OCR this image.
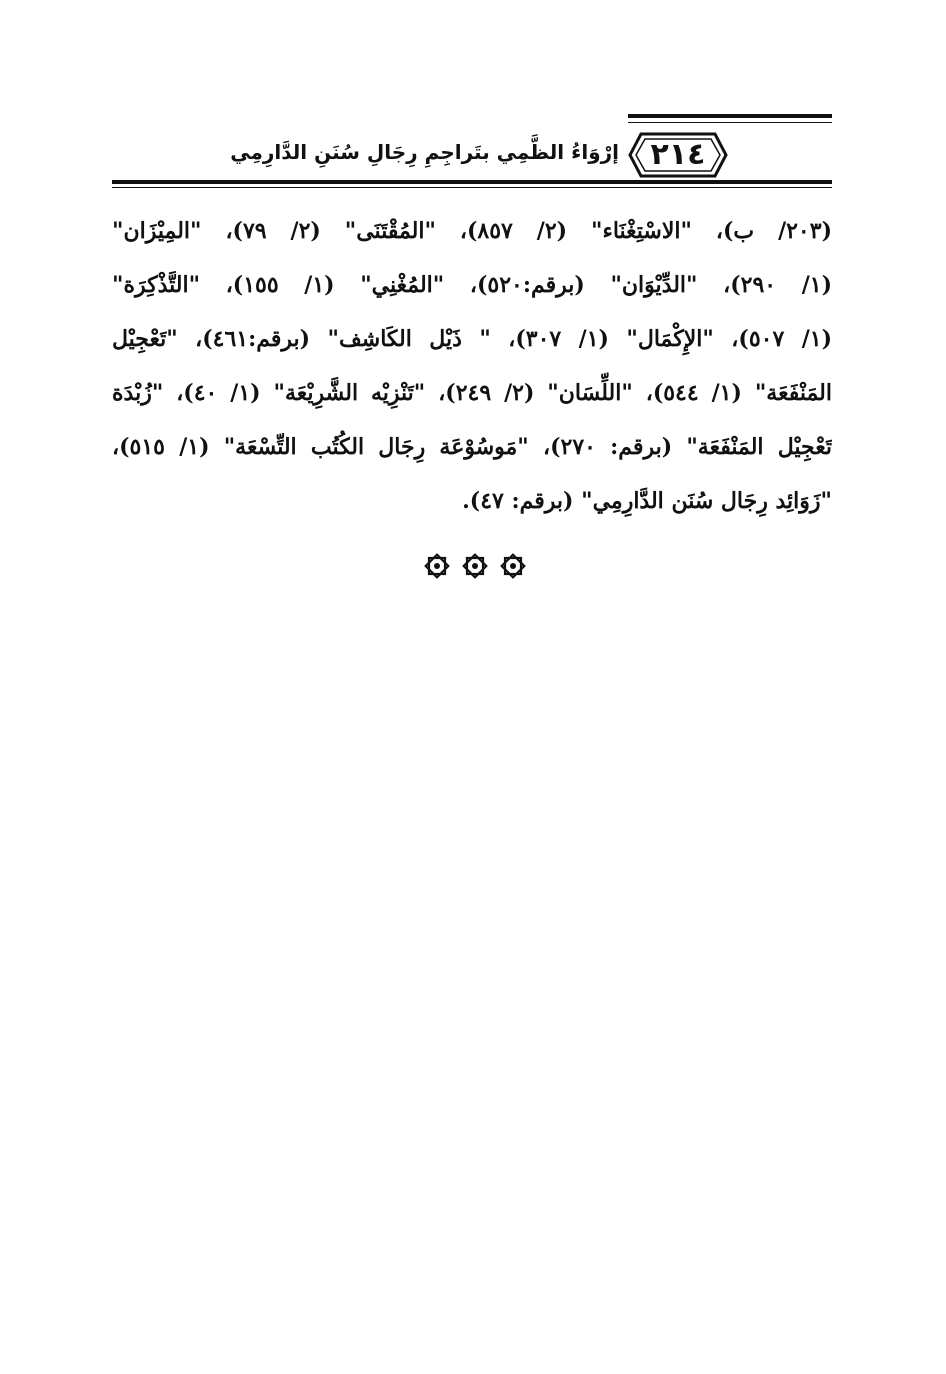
٢١٤
إرْوَاءُ الظَّمِي بتَراجِمِ رِجَالِ سُنَنِ الدَّارِمِي
(٢٠٣/ ب)، "الاسْتِغْنَاء" (٢/ ٨٥٧)، "المُقْتَنَى" (٢/ ٧٩)، "المِيْزَان"
(١/ ٢٩٠)، "الدِّيْوَان" (برقم:٥٢٠)، "المُغْنِي" (١/ ١٥٥)، "التَّذْكِرَة"
(١/ ٥٠٧)، "الإِكْمَال" (١/ ٣٠٧)، " ذَيْل الكَاشِف" (برقم:٤٦١)، "تَعْجِيْل
المَنْفَعَة" (١/ ٥٤٤)، "اللِّسَان" (٢/ ٢٤٩)، "تَنْزِيْه الشَّرِيْعَة" (١/ ٤٠)، "زُبْدَة
تَعْجِيْل المَنْفَعَة" (برقم: ٢٧٠)، "مَوسُوْعَة رِجَال الكُتُب التِّسْعَة" (١/ ٥١٥)،
"زَوَائِد رِجَال سُنَن الدَّارِمِي" (برقم: ٤٧).
